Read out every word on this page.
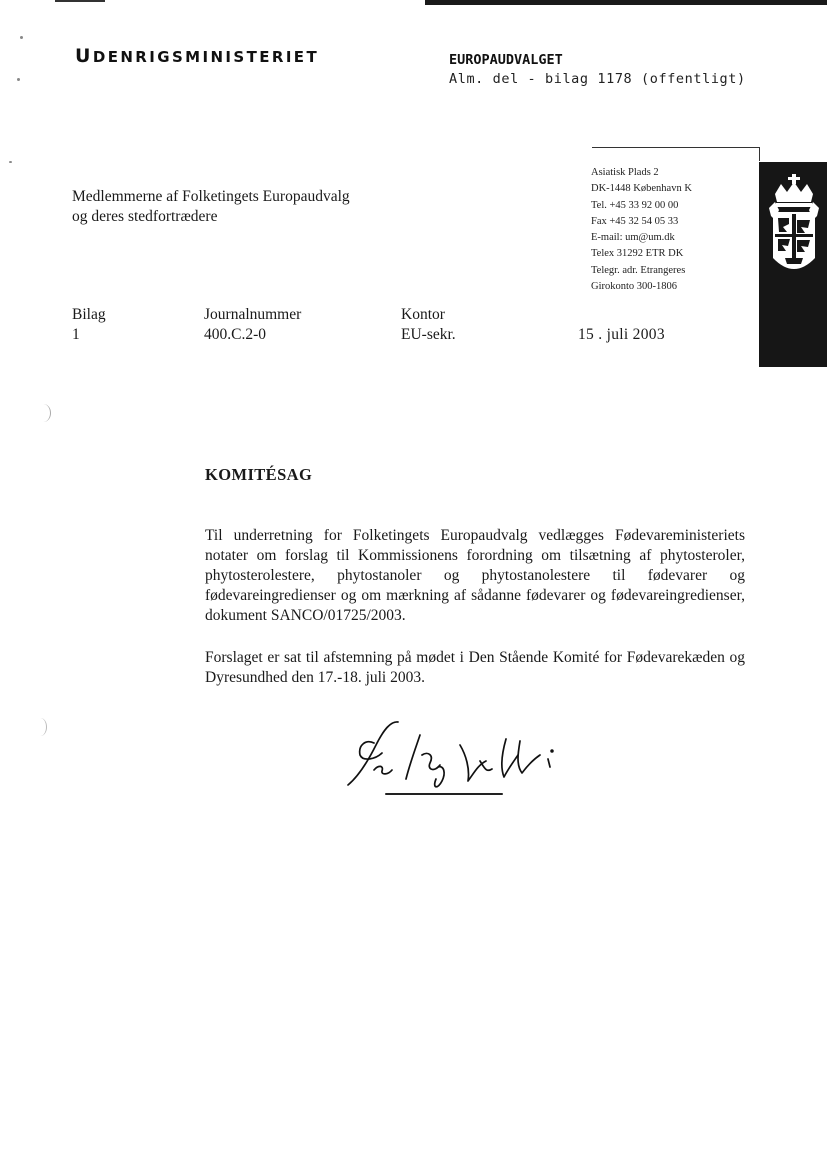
UDENRIGSMINISTERIET	EUROPAUDVALGET
Alm. del - bilag 1178 (offentligt)
Asiatisk Plads 2
DK-1448 København K
Tel. +45 33 92 00 00
Fax +45 32 54 05 33
E-mail: um@um.dk
Telex 31292 ETR DK
Telegr. adr. Etrangeres
Girokonto 300-1806
Medlemmerne af Folketingets Europaudvalg
og deres stedfortrædere
Bilag
1
Journalnummer
400.C.2-0
Kontor
EU-sekr.	15 . juli 2003
KOMITÉSAG
Til underretning for Folketingets Europaudvalg vedlægges Fødevareministeriets notater om forslag til Kommissionens forordning om tilsætning af phytosteroler, phytosterolestere, phytostanoler og phytostanolestere til fødevarer og fødevareingredienser og om mærkning af sådanne fødevarer og fødevareingredienser, dokument SANCO/01725/2003.
Forslaget er sat til afstemning på mødet i Den Stående Komité for Fødevarekæden og Dyresundhed den 17.-18. juli 2003.
